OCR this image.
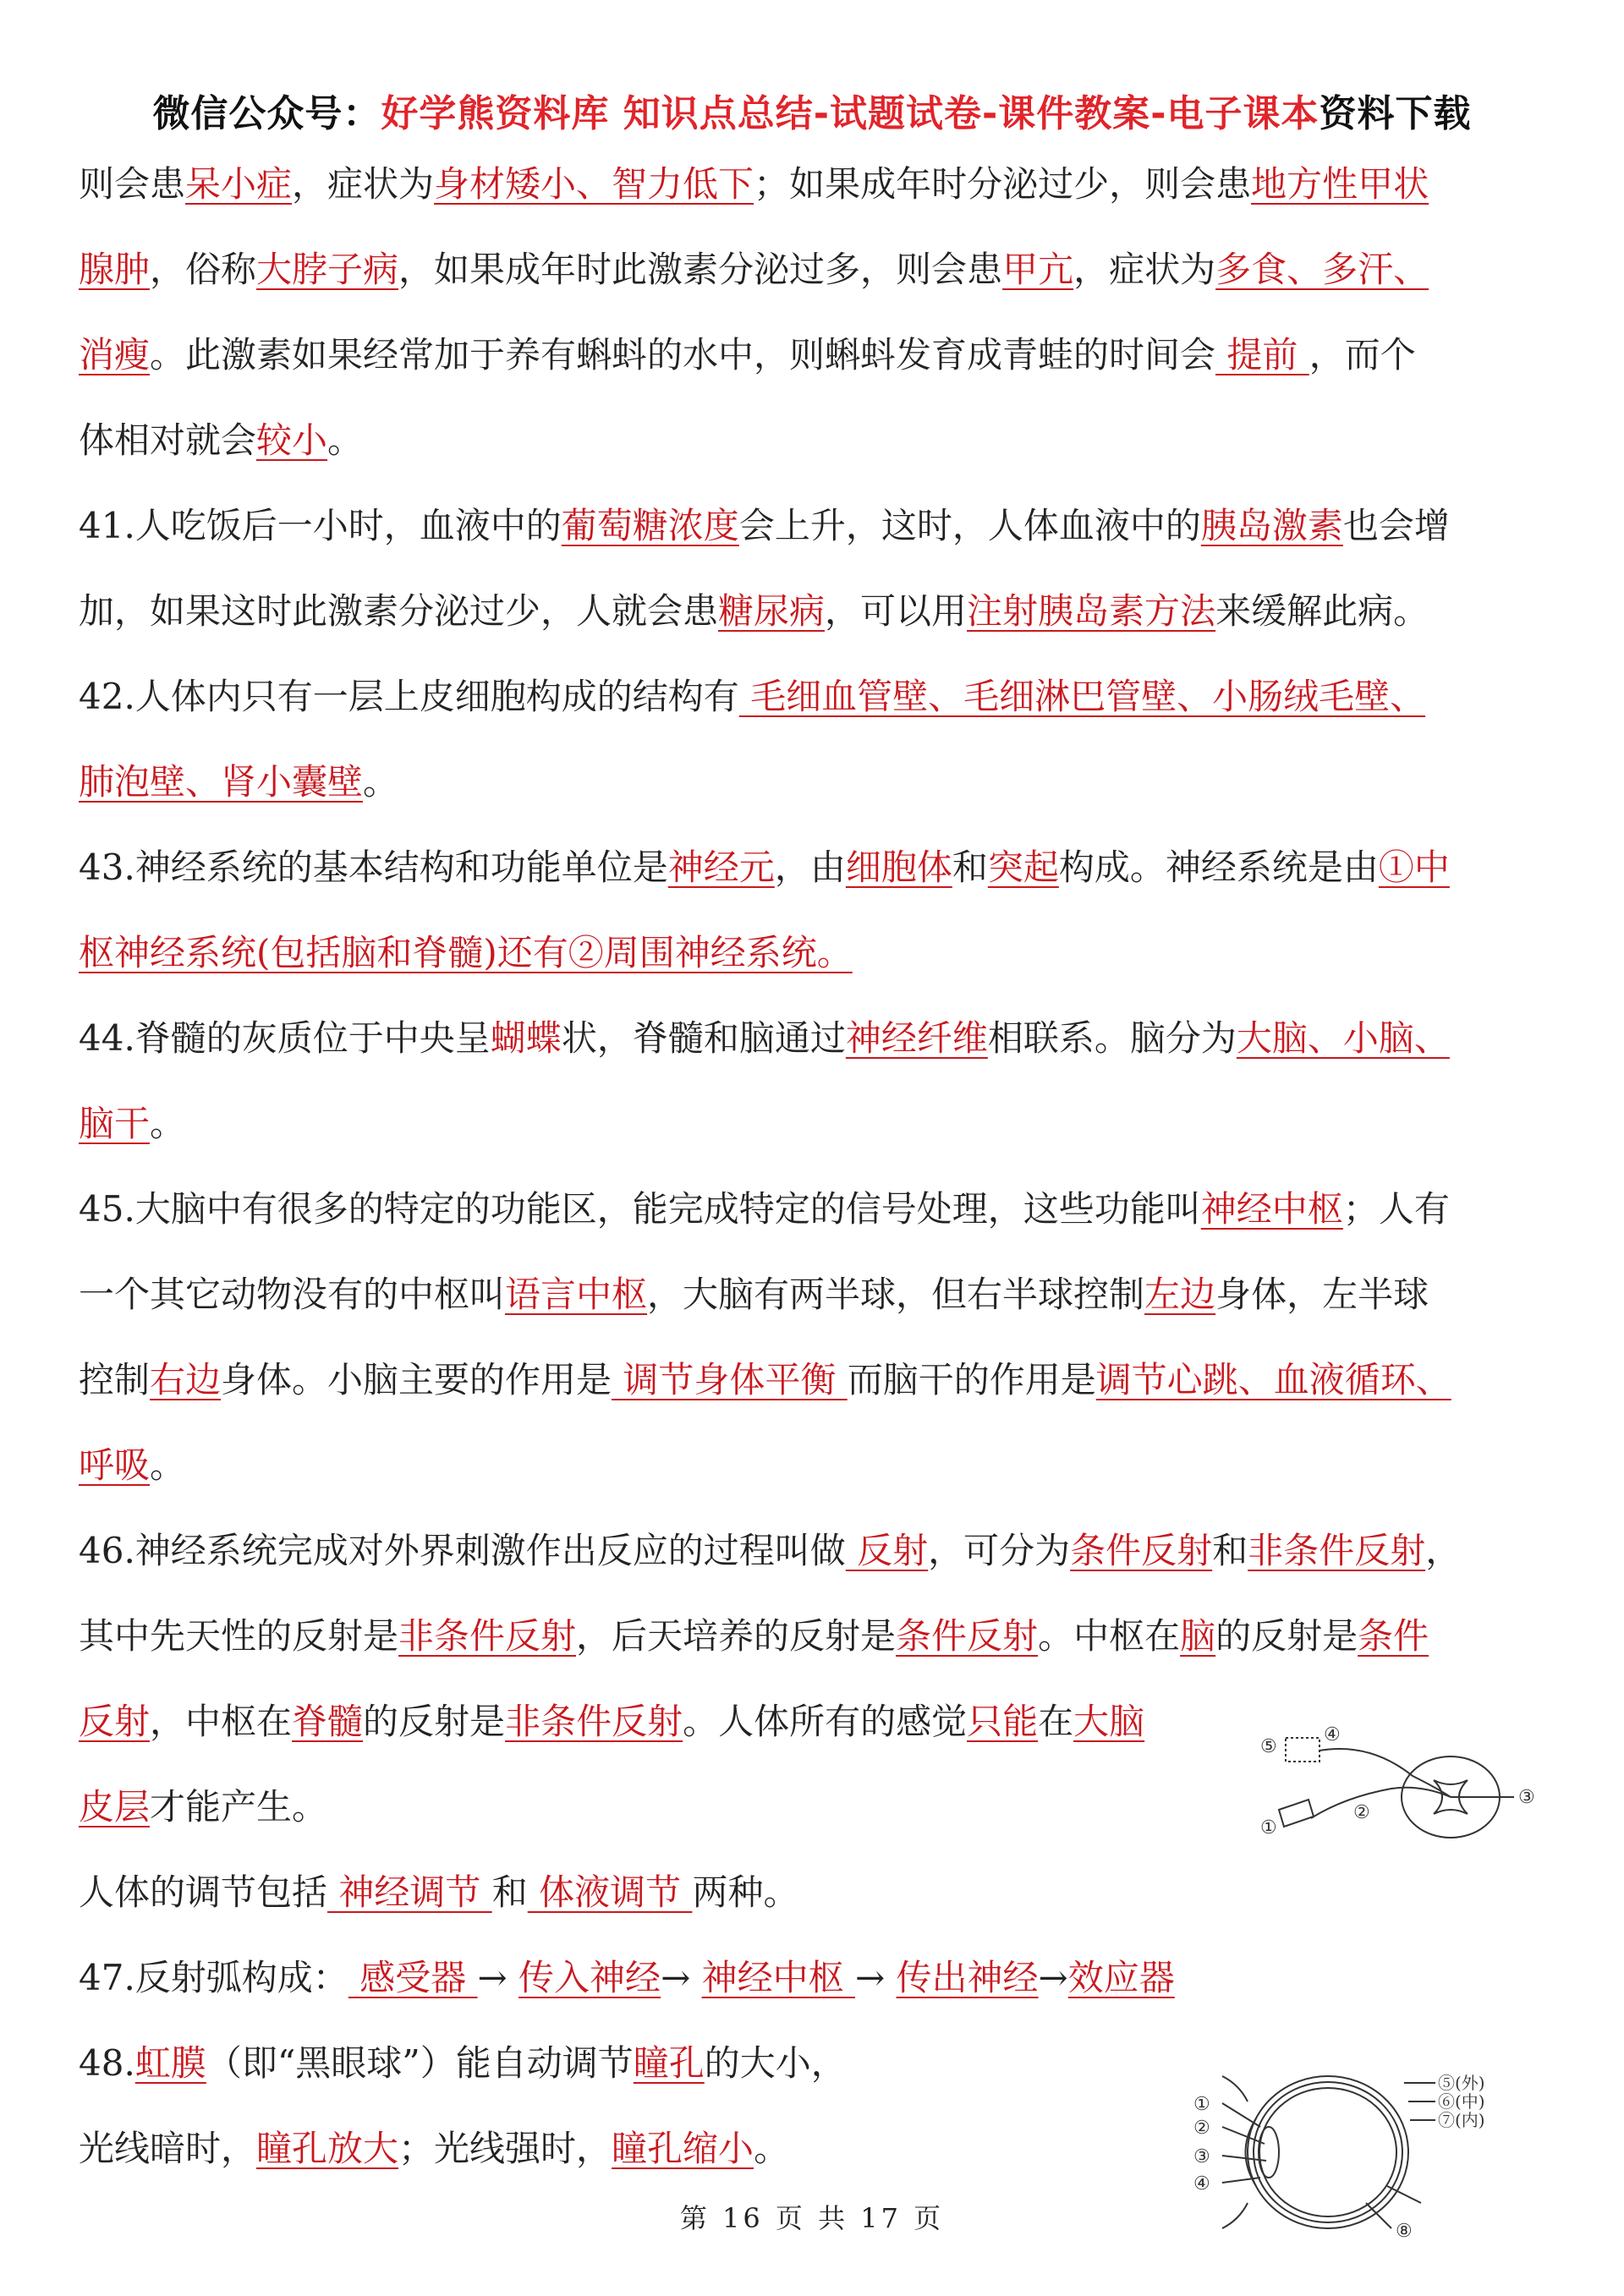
微信公众号：好学熊资料库 知识点总结-试题试卷-课件教案-电子课本资料下载
则会患呆小症，症状为身材矮小、智力低下；如果成年时分泌过少，则会患地方性甲状
腺肿，俗称大脖子病，如果成年时此激素分泌过多，则会患甲亢，症状为多食、多汗、
消瘦。此激素如果经常加于养有蝌蚪的水中，则蝌蚪发育成青蛙的时间会 提前 ，而个
体相对就会较小。
41.人吃饭后一小时，血液中的葡萄糖浓度会上升，这时，人体血液中的胰岛激素也会增
加，如果这时此激素分泌过少，人就会患糖尿病，可以用注射胰岛素方法来缓解此病。
42.人体内只有一层上皮细胞构成的结构有 毛细血管壁、毛细淋巴管壁、小肠绒毛壁、
肺泡壁、肾小囊壁。
43.神经系统的基本结构和功能单位是神经元，由细胞体和突起构成。神经系统是由①中
枢神经系统(包括脑和脊髓)还有②周围神经系统。
44.脊髓的灰质位于中央呈蝴蝶状，脊髓和脑通过神经纤维相联系。脑分为大脑、小脑、
脑干。
45.大脑中有很多的特定的功能区，能完成特定的信号处理，这些功能叫神经中枢；人有
一个其它动物没有的中枢叫语言中枢，大脑有两半球，但右半球控制左边身体，左半球
控制右边身体。小脑主要的作用是 调节身体平衡 而脑干的作用是调节心跳、血液循环、
呼吸。
46.神经系统完成对外界刺激作出反应的过程叫做 反射，可分为条件反射和非条件反射，
其中先天性的反射是非条件反射，后天培养的反射是条件反射。中枢在脑的反射是条件
反射，中枢在脊髓的反射是非条件反射。人体所有的感觉只能在大脑
皮层才能产生。
人体的调节包括 神经调节 和 体液调节 两种。
47.反射弧构成： 感受器 → 传入神经→ 神经中枢 → 传出神经→效应器
48.虹膜（即“黑眼球”）能自动调节瞳孔的大小，
光线暗时，瞳孔放大；光线强时，瞳孔缩小。
⑤
④
③
②
①
①
②
③
④
⑤(外)
⑥(中)
⑦(内)
⑧
第 16 页 共 17 页
